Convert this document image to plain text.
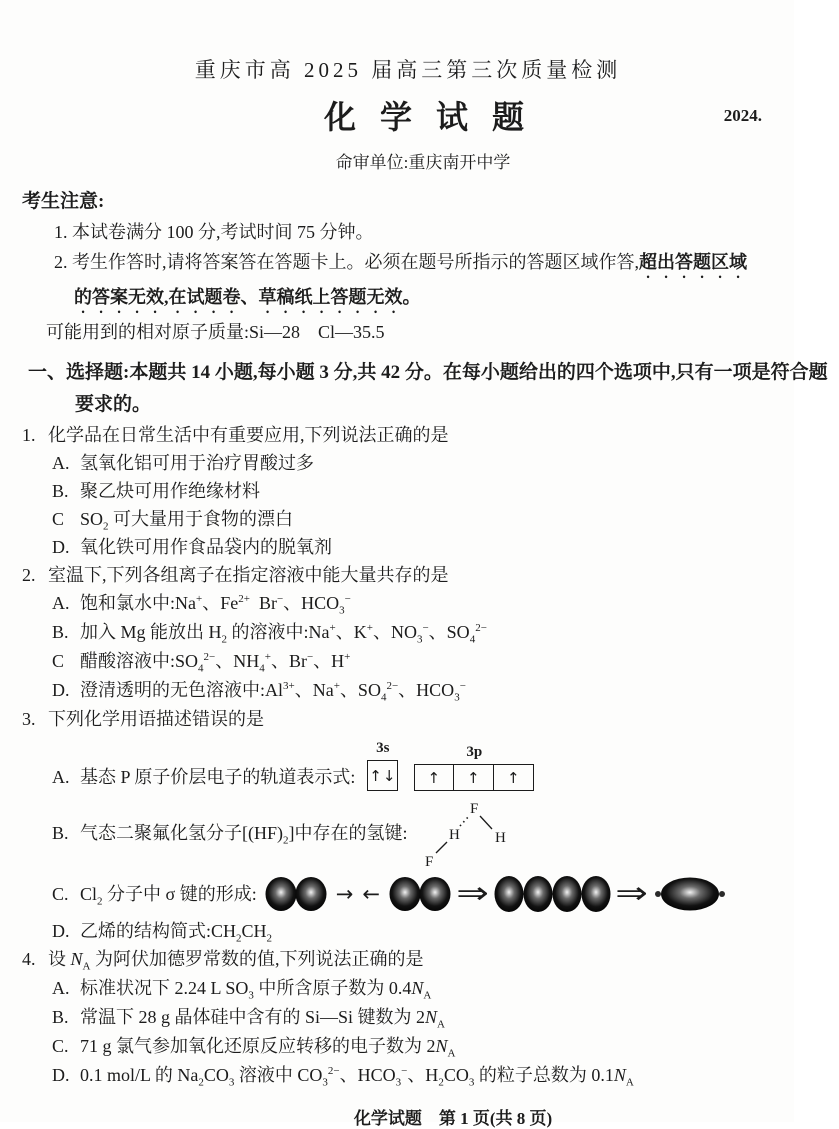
重庆市高 2025 届高三第三次质量检测
化 学 试 题	2024.
命审单位:重庆南开中学
考生注意:
1. 本试卷满分 100 分,考试时间 75 分钟。
2. 考生作答时,请将答案答在答题卡上。必须在题号所指示的答题区域作答,超出答题区域
的答案无效,在试题卷、草稿纸上答题无效。
可能用到的相对原子质量:Si—28　Cl—35.5
一、选择题:本题共 14 小题,每小题 3 分,共 42 分。在每小题给出的四个选项中,只有一项是符合题
要求的。
1. 化学品在日常生活中有重要应用,下列说法正确的是
A. 氢氧化铝可用于治疗胃酸过多
B. 聚乙炔可用作绝缘材料
C $SO_2$ 可大量用于食物的漂白
D. 氧化铁可用作食品袋内的脱氧剂
2. 室温下,下列各组离子在指定溶液中能大量共存的是
A. 饱和氯水中:Na+、$Fe^{2+}$  Br−、$HCO_3^-$
B. 加入 Mg 能放出 $H_2$ 的溶液中:Na+、K+、$NO_3^-$、$SO_4^{2-}$
C 醋酸溶液中$:SO_4^{2-}$、$NH_4^+$、Br−、H+
D. 澄清透明的无色溶液中$:Al^{3+}$、Na+、$SO_4^{2-}$、$HCO_3^-$
3. 下列化学用语描述错误的是
A. 基态 P 原子价层电子的轨道表示式:
3s
↑↓
3p
↑	↑	↑
B. 气态二聚氟化氢分子$[(HF)_2]$中存在的氢键:
F
H H
F
C. $Cl_2$ 分子中 σ 键的形成:	→ ←	⇒	⇒
D. 乙烯的结构简式$:CH_2CH_2$
4. 设 $N_A$ 为阿伏加德罗常数的值,下列说法正确的是
A. 标准状况下 2.24 L $SO_3$ 中所含原子数为 $0.4N_A$
B. 常温下 28 g 晶体硅中含有的 Si—Si 键数为 $2N_A$
C. 71 g 氯气参加氧化还原反应转移的电子数为 $2N_A$
D. 0.1 mol/L 的 $Na_2CO_3$ 溶液中 $CO_3^{2-}$、$HCO_3^-$、$H_2CO_3$ 的粒子总数为 $0.1N_A$
化学试题　第 1 页(共 8 页)
